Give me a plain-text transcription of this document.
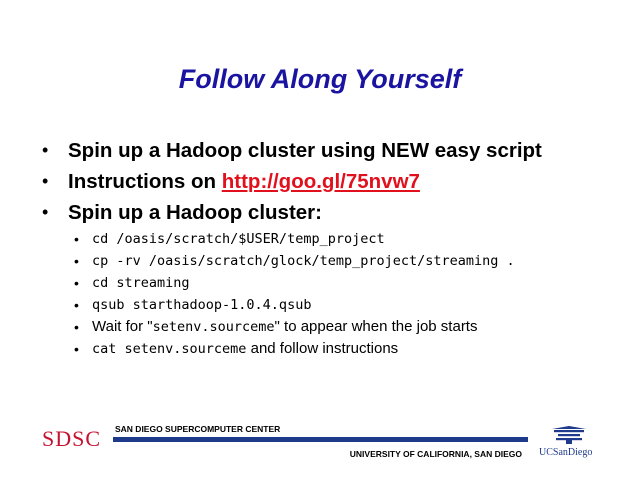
Follow Along Yourself
• Spin up a Hadoop cluster using NEW easy script
• Instructions on http://goo.gl/75nvw7
• Spin up a Hadoop cluster:
• cd /oasis/scratch/$USER/temp_project
• cp -rv /oasis/scratch/glock/temp_project/streaming .
• cd streaming
• qsub starthadoop-1.0.4.qsub
• Wait for "setenv.sourceme" to appear when the job starts
• cat setenv.sourceme and follow instructions
SDSC SAN DIEGO SUPERCOMPUTER CENTER
UNIVERSITY OF CALIFORNIA, SAN DIEGO UCSanDiego
